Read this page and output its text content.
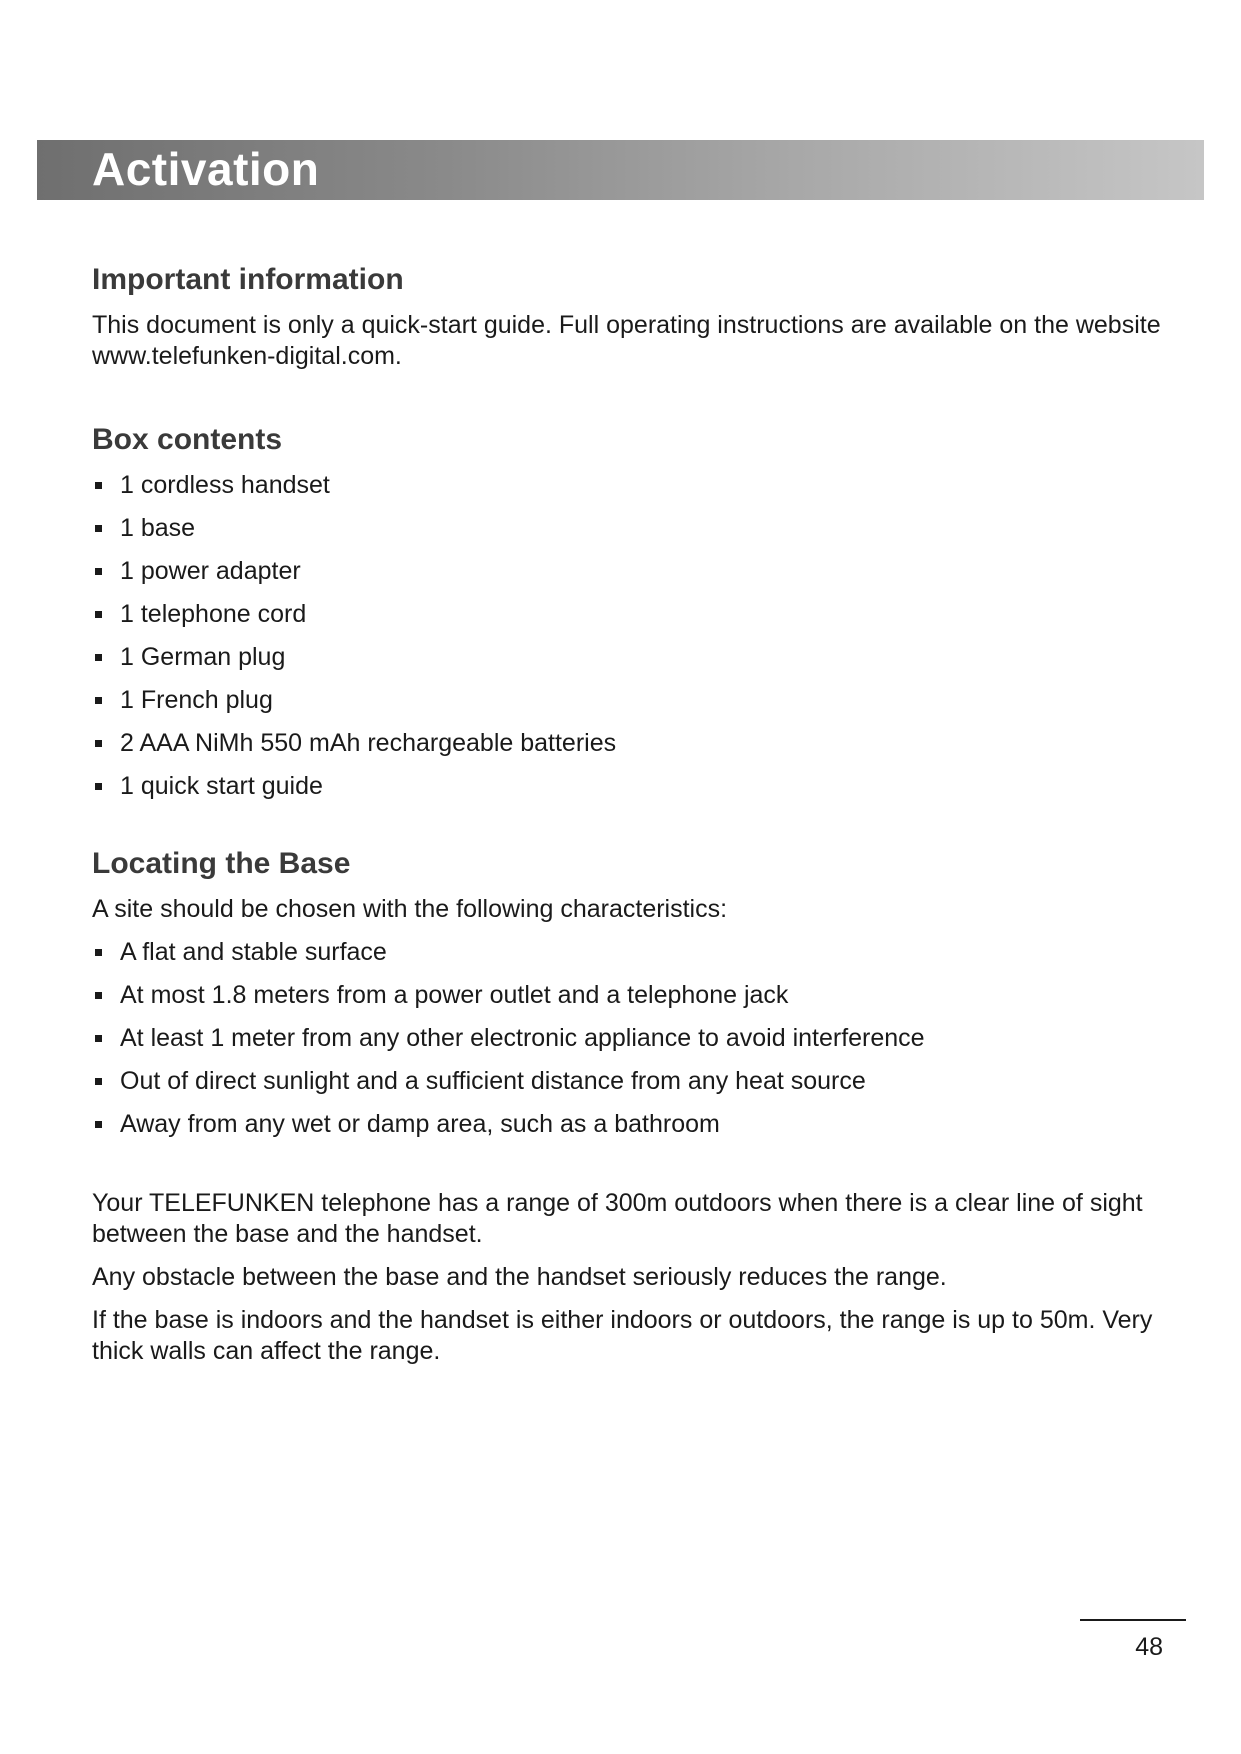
Activation
Important information

This document is only a quick-start guide. Full operating instructions are available on the website www.telefunken-digital.com.

Box contents
1 cordless handset
1 base
1 power adapter
1 telephone cord
1 German plug
1 French plug
2 AAA NiMh 550 mAh rechargeable batteries
1 quick start guide
Locating the Base

A site should be chosen with the following characteristics:

A flat and stable surface
At most 1.8 meters from a power outlet and a telephone jack
At least 1 meter from any other electronic appliance to avoid interference
Out of direct sunlight and a sufficient distance from any heat source
Away from any wet or damp area, such as a bathroom

Your TELEFUNKEN telephone has a range of 300m outdoors when there is a clear line of sight between the base and the handset.

Any obstacle between the base and the handset seriously reduces the range.

If the base is indoors and the handset is either indoors or outdoors, the range is up to 50m. Very thick walls can affect the range.

48
